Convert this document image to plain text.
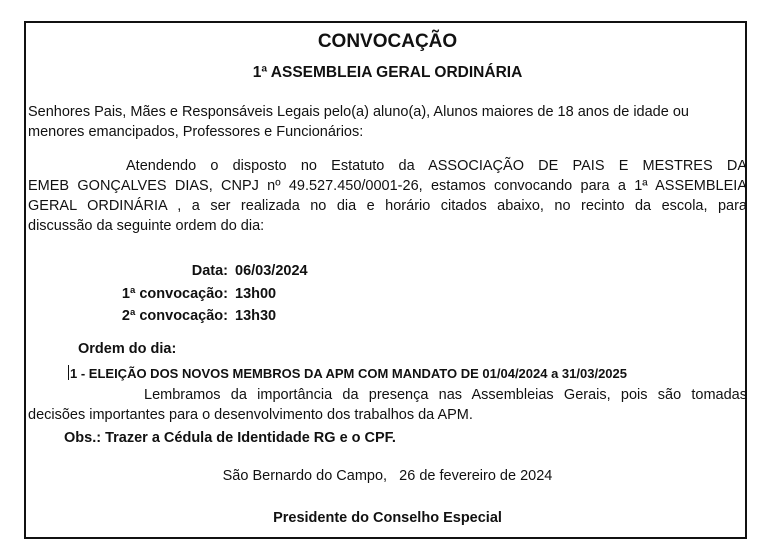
CONVOCAÇÃO
1ª ASSEMBLEIA GERAL ORDINÁRIA
Senhores Pais, Mães e Responsáveis Legais pelo(a) aluno(a), Alunos maiores de 18 anos de idade ou
menores emancipados, Professores e Funcionários:
Atendendo o disposto no Estatuto da ASSOCIAÇÃO DE PAIS E MESTRES DA
EMEB GONÇALVES DIAS, CNPJ nº 49.527.450/0001-26, estamos convocando para a 1ª ASSEMBLEIA
GERAL ORDINÁRIA , a ser realizada no dia e horário citados abaixo, no recinto da escola, para
discussão da seguinte ordem do dia:
Data: 06/03/2024
1ª convocação: 13h00
2ª convocação: 13h30
Ordem do dia:
1 - ELEIÇÃO DOS NOVOS MEMBROS DA APM COM MANDATO DE 01/04/2024 a 31/03/2025
Lembramos da importância da presença nas Assembleias Gerais, pois são tomadas
decisões importantes para o desenvolvimento dos trabalhos da APM.
Obs.: Trazer a Cédula de Identidade RG e o CPF.
São Bernardo do Campo,   26 de fevereiro de 2024
Presidente do Conselho Especial
